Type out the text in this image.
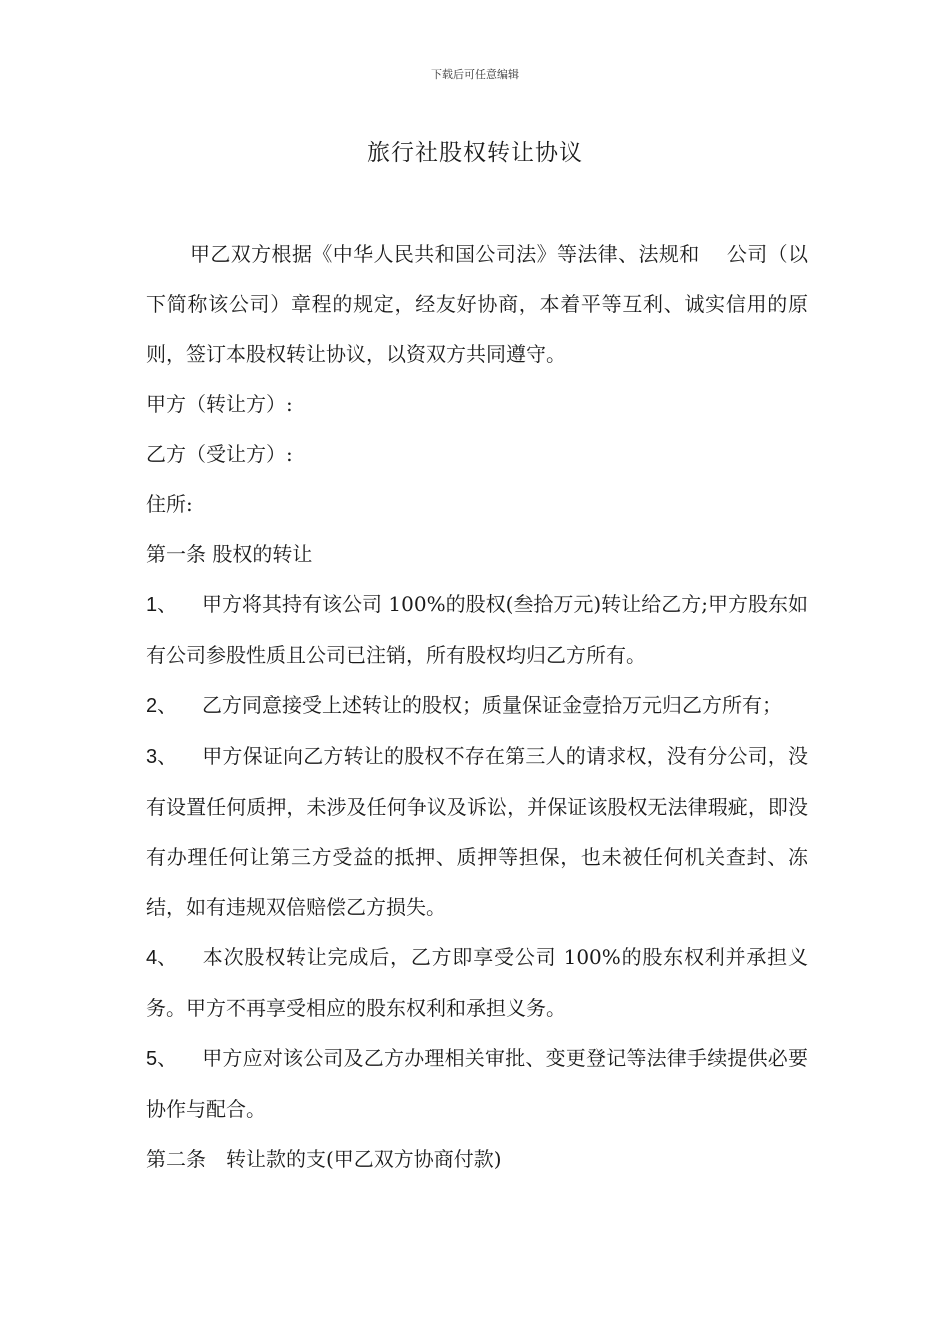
下载后可任意编辑
旅行社股权转让协议

甲乙双方根据《中华人民共和国公司法》等法律、法规和　 公司（以下简称该公司）章程的规定，经友好协商，本着平等互利、诚实信用的原则，签订本股权转让协议，以资双方共同遵守。

甲方（转让方）:

乙方（受让方）:

住所:

第一条 股权的转让

1、 甲方将其持有该公司 100%的股权(叁拾万元)转让给乙方;甲方股东如有公司参股性质且公司已注销，所有股权均归乙方所有。

2、 乙方同意接受上述转让的股权；质量保证金壹拾万元归乙方所有；

3、 甲方保证向乙方转让的股权不存在第三人的请求权，没有分公司，没有设置任何质押，未涉及任何争议及诉讼，并保证该股权无法律瑕疵，即没有办理任何让第三方受益的抵押、质押等担保，也未被任何机关查封、冻结，如有违规双倍赔偿乙方损失。

4、 本次股权转让完成后，乙方即享受公司 100%的股东权利并承担义务。甲方不再享受相应的股东权利和承担义务。

5、 甲方应对该公司及乙方办理相关审批、变更登记等法律手续提供必要协作与配合。

第二条　转让款的支(甲乙双方协商付款)
